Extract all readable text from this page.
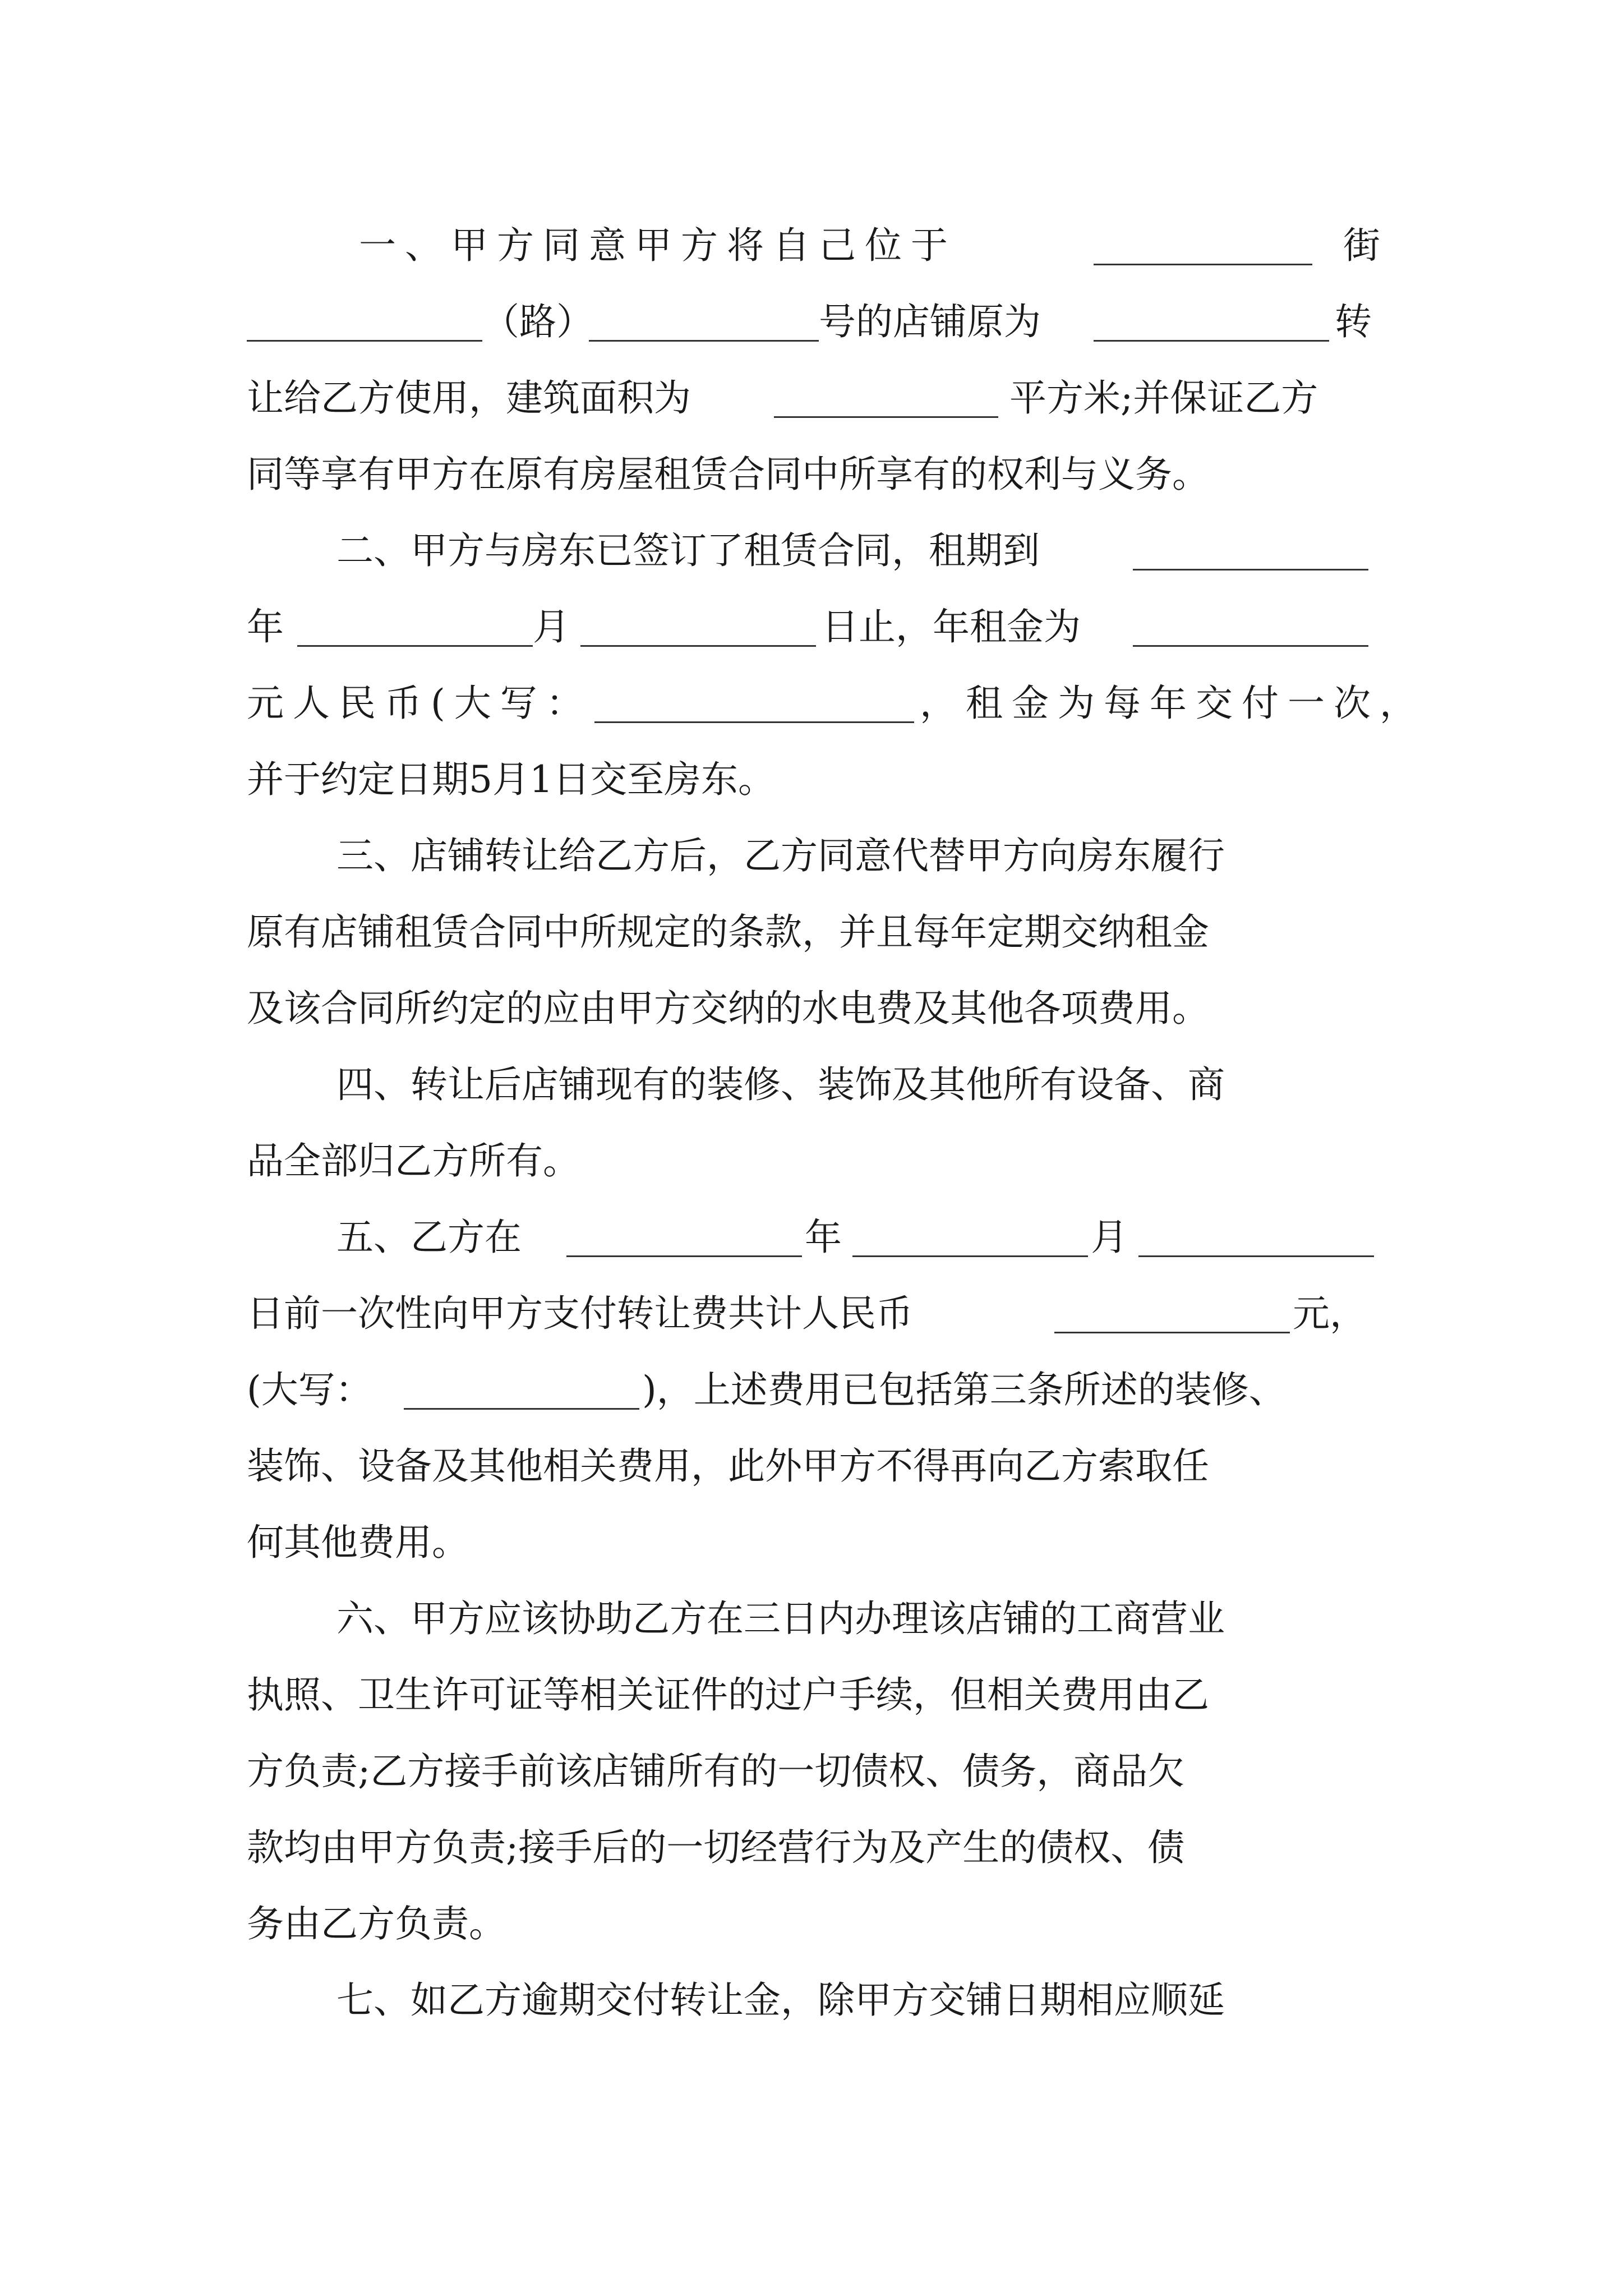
一、甲方同意甲方将自己位于	街
（路）	号的店铺原为	转
让给乙方使用，建筑面积为	平方米;并保证乙方
同等享有甲方在原有房屋租赁合同中所享有的权利与义务。
二、甲方与房东已签订了租赁合同，租期到
年	月	日止，年租金为
元人民币(大写：	，租金为每年交付一次，
并于约定日期5月1日交至房东。
三、店铺转让给乙方后，乙方同意代替甲方向房东履行
原有店铺租赁合同中所规定的条款，并且每年定期交纳租金
及该合同所约定的应由甲方交纳的水电费及其他各项费用。
四、转让后店铺现有的装修、装饰及其他所有设备、商
品全部归乙方所有。
五、乙方在	年	月
日前一次性向甲方支付转让费共计人民币	元，
(大写：	)，上述费用已包括第三条所述的装修、
装饰、设备及其他相关费用，此外甲方不得再向乙方索取任
何其他费用。
六、甲方应该协助乙方在三日内办理该店铺的工商营业
执照、卫生许可证等相关证件的过户手续，但相关费用由乙
方负责;乙方接手前该店铺所有的一切债权、债务，商品欠
款均由甲方负责;接手后的一切经营行为及产生的债权、债
务由乙方负责。
七、如乙方逾期交付转让金，除甲方交铺日期相应顺延
